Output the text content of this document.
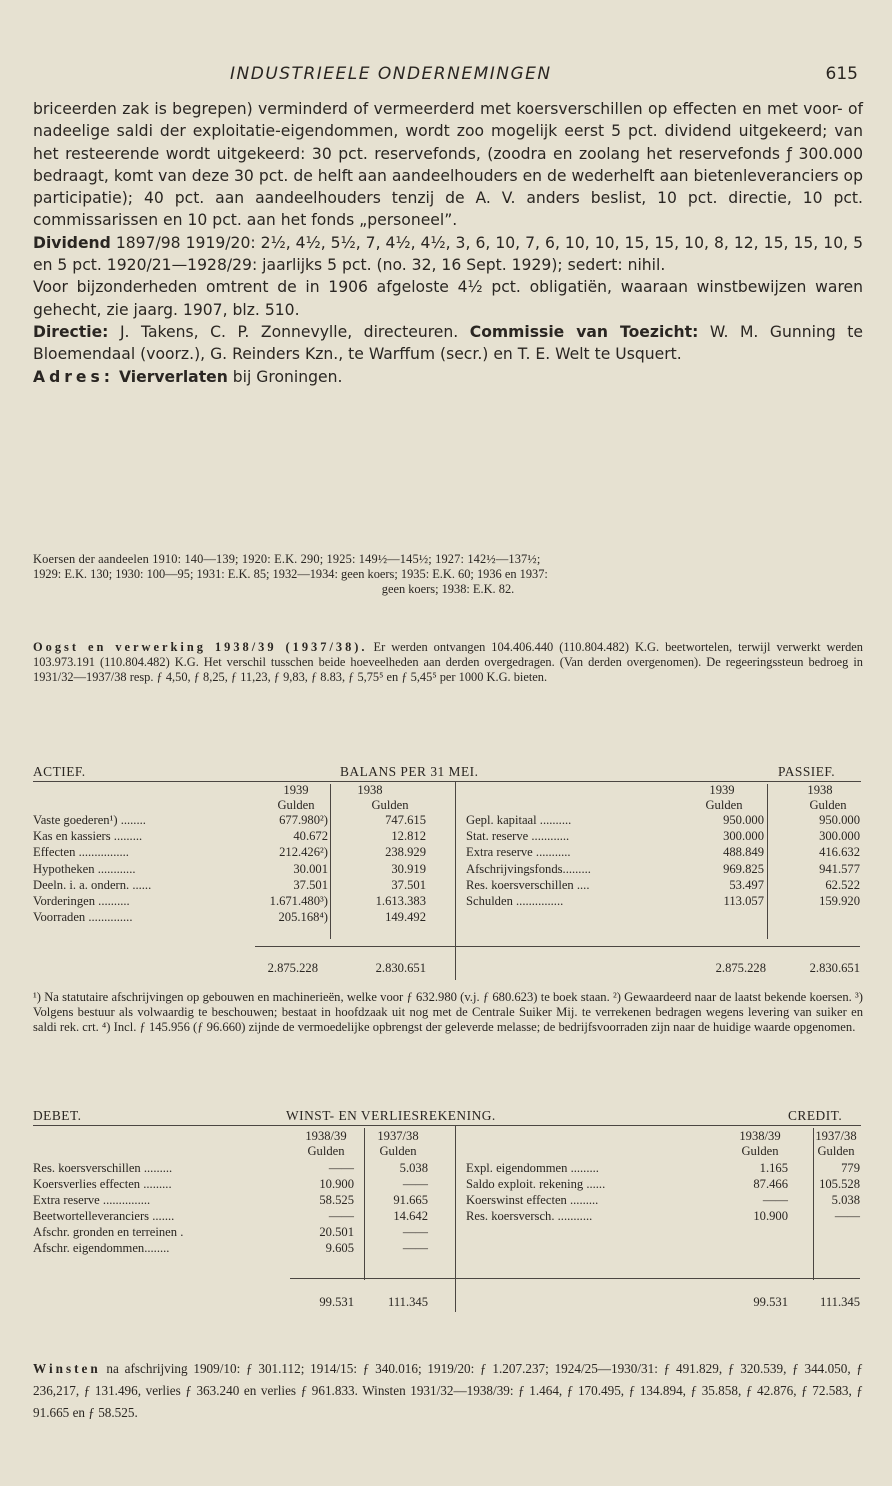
INDUSTRIEELE ONDERNEMINGEN	615

briceerden zak is begrepen) verminderd of vermeerderd met koersverschillen op effecten en met voor- of nadeelige saldi der exploitatie-eigendommen, wordt zoo mogelijk eerst 5 pct. dividend uitgekeerd; van het resteerende wordt uitgekeerd: 30 pct. reservefonds, (zoodra en zoolang het reservefonds ƒ 300.000 bedraagt, komt van deze 30 pct. de helft aan aandeelhouders en de wederhelft aan bietenleveranciers op participatie); 40 pct. aan aandeelhouders tenzij de A. V. anders beslist, 10 pct. directie, 10 pct. commissarissen en 10 pct. aan het fonds „personeel”.

Dividend 1897/98 1919/20: 2½, 4½, 5½, 7, 4½, 4½, 3, 6, 10, 7, 6, 10, 10, 15, 15, 10, 8, 12, 15, 15, 10, 5 en 5 pct. 1920/21—1928/29: jaarlijks 5 pct. (no. 32, 16 Sept. 1929); sedert: nihil.

Voor bijzonderheden omtrent de in 1906 afgeloste 4½ pct. obligatiën, waaraan winstbewijzen waren gehecht, zie jaarg. 1907, blz. 510.

Directie: J. Takens, C. P. Zonnevylle, directeuren. Commissie van Toezicht: W. M. Gunning te Bloemendaal (voorz.), G. Reinders Kzn., te Warffum (secr.) en T. E. Welt te Usquert.

Adres: Vierverlaten bij Groningen.

Koersen der aandeelen 1910: 140—139; 1920: E.K. 290; 1925: 149½—145½; 1927: 142½—137½;

1929: E.K. 130; 1930: 100—95; 1931: E.K. 85; 1932—1934: geen koers; 1935: E.K. 60; 1936 en 1937:

geen koers; 1938: E.K. 82.

Oogst en verwerking 1938/39 (1937/38). Er werden ontvangen 104.406.440 (110.804.482) K.G. beetwortelen, terwijl verwerkt werden 103.973.191 (110.804.482) K.G. Het verschil tusschen beide hoeveelheden aan derden overgedragen. (Van derden overgenomen). De regeeringssteun bedroeg in 1931/32—1937/38 resp. ƒ 4,50, ƒ 8,25, ƒ 11,23, ƒ 9,83, ƒ 8.83, ƒ 5,75⁵ en ƒ 5,45⁵ per 1000 K.G. bieten.

ACTIEF.	BALANS PER 31 MEI.	PASSIEF.
1939	1938
Gulden	Gulden
1939	1938
Gulden	Gulden
Vaste goederen¹) ........	677.980²)	747.615
Kas en kassiers .........	40.672	12.812
Effecten ................	212.426²)	238.929
Hypotheken ............	30.001	30.919
Deeln. i. a. ondern. ......	37.501	37.501
Vorderingen ..........	1.671.480³)	1.613.383
Voorraden ..............	205.168⁴)	149.492
Gepl. kapitaal ..........	950.000	950.000
Stat. reserve ............	300.000	300.000
Extra reserve ...........	488.849	416.632
Afschrijvingsfonds.........	969.825	941.577
Res. koersverschillen ....	53.497	62.522
Schulden ...............	113.057	159.920
2.875.228	2.830.651	2.875.228	2.830.651

¹) Na statutaire afschrijvingen op gebouwen en machinerieën, welke voor ƒ 632.980 (v.j. ƒ 680.623) te boek staan. ²) Gewaardeerd naar de laatst bekende koersen. ³) Volgens bestuur als volwaardig te beschouwen; bestaat in hoofdzaak uit nog met de Centrale Suiker Mij. te verrekenen bedragen wegens levering van suiker en saldi rek. crt. ⁴) Incl. ƒ 145.956 (ƒ 96.660) zijnde de vermoedelijke opbrengst der geleverde melasse; de bedrijfsvoorraden zijn naar de huidige waarde opgenomen.

DEBET.	WINST- EN VERLIESREKENING.	CREDIT.
1938/39	1937/38
Gulden	Gulden
1938/39	1937/38
Gulden	Gulden
Res. koersverschillen .........	——	5.038
Koersverlies effecten .........	10.900	——
Extra reserve ...............	58.525	91.665
Beetwortelleveranciers .......	——	14.642
Afschr. gronden en terreinen .	20.501	——
Afschr. eigendommen........	9.605	——
Expl. eigendommen .........	1.165	779
Saldo exploit. rekening ......	87.466	105.528
Koerswinst effecten .........	——	5.038
Res. koersversch. ...........	10.900	——
99.531	111.345	99.531	111.345

Winsten na afschrijving 1909/10: ƒ 301.112; 1914/15: ƒ 340.016; 1919/20: ƒ 1.207.237; 1924/25—1930/31: ƒ 491.829, ƒ 320.539, ƒ 344.050, ƒ 236,217, ƒ 131.496, verlies ƒ 363.240 en verlies ƒ 961.833. Winsten 1931/32—1938/39: ƒ 1.464, ƒ 170.495, ƒ 134.894, ƒ 35.858, ƒ 42.876, ƒ 72.583, ƒ 91.665 en ƒ 58.525.
